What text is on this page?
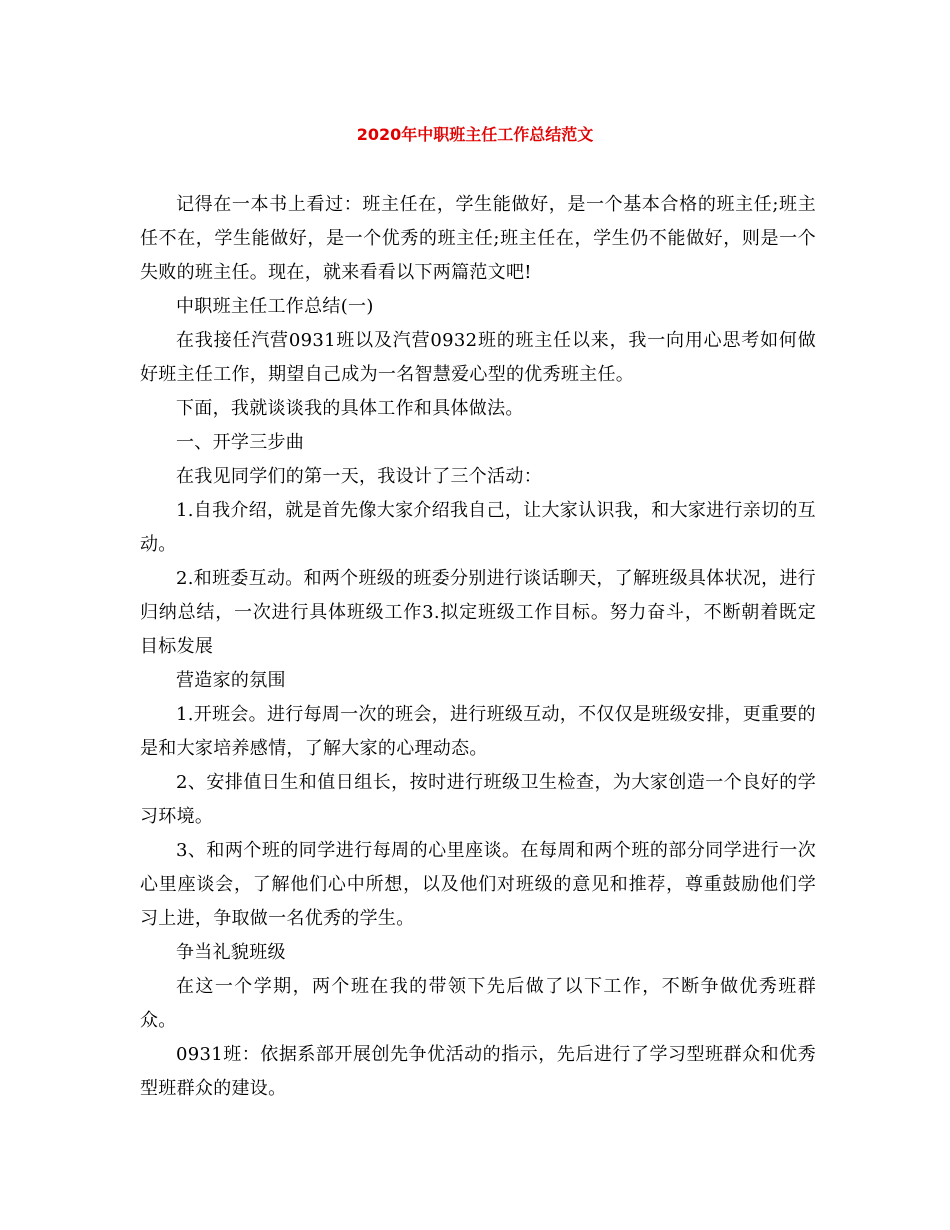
2020年中职班主任工作总结范文

记得在一本书上看过：班主任在，学生能做好，是一个基本合格的班主任;班主任不在，学生能做好，是一个优秀的班主任;班主任在，学生仍不能做好，则是一个失败的班主任。现在，就来看看以下两篇范文吧!

中职班主任工作总结(一)

在我接任汽营0931班以及汽营0932班的班主任以来，我一向用心思考如何做好班主任工作，期望自己成为一名智慧爱心型的优秀班主任。

下面，我就谈谈我的具体工作和具体做法。

一、开学三步曲

在我见同学们的第一天，我设计了三个活动：

1.自我介绍，就是首先像大家介绍我自己，让大家认识我，和大家进行亲切的互动。

2.和班委互动。和两个班级的班委分别进行谈话聊天，了解班级具体状况，进行归纳总结，一次进行具体班级工作3.拟定班级工作目标。努力奋斗，不断朝着既定目标发展

营造家的氛围

1.开班会。进行每周一次的班会，进行班级互动，不仅仅是班级安排，更重要的是和大家培养感情，了解大家的心理动态。

2、安排值日生和值日组长，按时进行班级卫生检查，为大家创造一个良好的学习环境。

3、和两个班的同学进行每周的心里座谈。在每周和两个班的部分同学进行一次心里座谈会，了解他们心中所想，以及他们对班级的意见和推荐，尊重鼓励他们学习上进，争取做一名优秀的学生。

争当礼貌班级

在这一个学期，两个班在我的带领下先后做了以下工作，不断争做优秀班群众。

0931班：依据系部开展创先争优活动的指示，先后进行了学习型班群众和优秀型班群众的建设。
